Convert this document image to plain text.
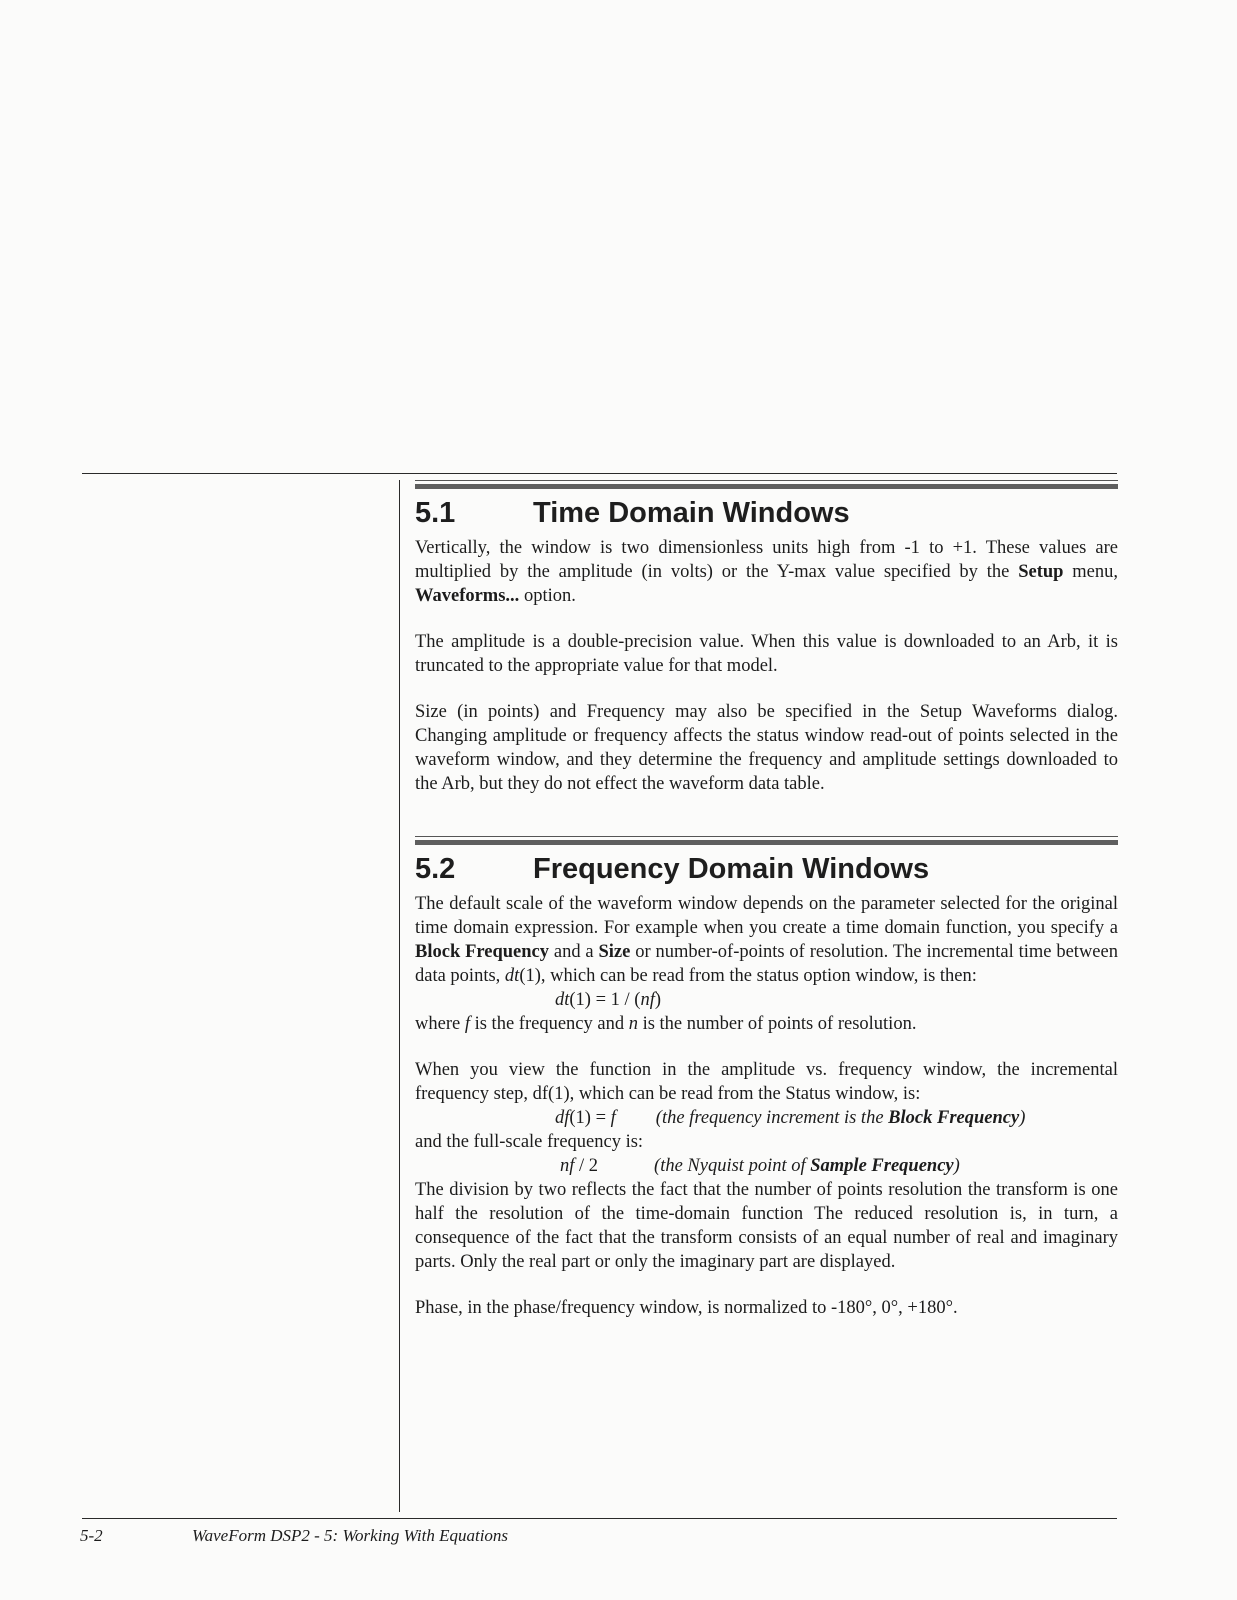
5.1	Time Domain Windows

Vertically, the window is two dimensionless units high from -1 to +1. These values are multiplied by the amplitude (in volts) or the Y-max value specified by the Setup menu, Waveforms... option.

The amplitude is a double-precision value. When this value is downloaded to an Arb, it is truncated to the appropriate value for that model.

Size (in points) and Frequency may also be specified in the Setup Waveforms dialog. Changing amplitude or frequency affects the status window read-out of points selected in the waveform window, and they determine the frequency and amplitude settings downloaded to the Arb, but they do not effect the waveform data table.

5.2	Frequency Domain Windows

The default scale of the waveform window depends on the parameter selected for the original time domain expression. For example when you create a time domain function, you specify a Block Frequency and a Size or number-of-points of resolution. The incremental time between data points, dt(1), which can be read from the status option window, is then:

dt(1) = 1 / (nf)

where f is the frequency and n is the number of points of resolution.

When you view the function in the amplitude vs. frequency window, the incremental frequency step, df(1), which can be read from the Status window, is:

df(1) = f (the frequency increment is the Block Frequency)

and the full-scale frequency is:

nf / 2	(the Nyquist point of Sample Frequency)

The division by two reflects the fact that the number of points resolution the transform is one half the resolution of the time-domain function The reduced resolution is, in turn, a consequence of the fact that the transform consists of an equal number of real and imaginary parts. Only the real part or only the imaginary part are displayed.

Phase, in the phase/frequency window, is normalized to -180°, 0°, +180°.

5-2	WaveForm DSP2 - 5: Working With Equations
